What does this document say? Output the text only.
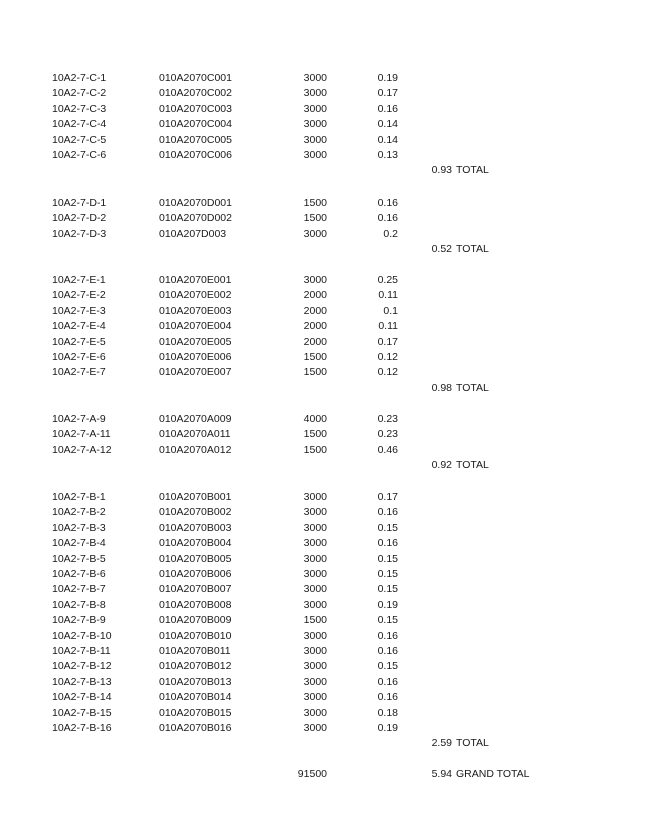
10A2-7-C-1	010A2070C001	3000	0.19
10A2-7-C-2	010A2070C002	3000	0.17
10A2-7-C-3	010A2070C003	3000	0.16
10A2-7-C-4	010A2070C004	3000	0.14
10A2-7-C-5	010A2070C005	3000	0.14
10A2-7-C-6	010A2070C006	3000	0.13
0.93 TOTAL
10A2-7-D-1	010A2070D001	1500	0.16
10A2-7-D-2	010A2070D002	1500	0.16
10A2-7-D-3	010A207D003	3000	0.2
0.52 TOTAL
10A2-7-E-1	010A2070E001	3000	0.25
10A2-7-E-2	010A2070E002	2000	0.11
10A2-7-E-3	010A2070E003	2000	0.1
10A2-7-E-4	010A2070E004	2000	0.11
10A2-7-E-5	010A2070E005	2000	0.17
10A2-7-E-6	010A2070E006	1500	0.12
10A2-7-E-7	010A2070E007	1500	0.12
0.98 TOTAL
10A2-7-A-9	010A2070A009	4000	0.23
10A2-7-A-11	010A2070A011	1500	0.23
10A2-7-A-12	010A2070A012	1500	0.46
0.92 TOTAL
10A2-7-B-1	010A2070B001	3000	0.17
10A2-7-B-2	010A2070B002	3000	0.16
10A2-7-B-3	010A2070B003	3000	0.15
10A2-7-B-4	010A2070B004	3000	0.16
10A2-7-B-5	010A2070B005	3000	0.15
10A2-7-B-6	010A2070B006	3000	0.15
10A2-7-B-7	010A2070B007	3000	0.15
10A2-7-B-8	010A2070B008	3000	0.19
10A2-7-B-9	010A2070B009	1500	0.15
10A2-7-B-10	010A2070B010	3000	0.16
10A2-7-B-11	010A2070B011	3000	0.16
10A2-7-B-12	010A2070B012	3000	0.15
10A2-7-B-13	010A2070B013	3000	0.16
10A2-7-B-14	010A2070B014	3000	0.16
10A2-7-B-15	010A2070B015	3000	0.18
10A2-7-B-16	010A2070B016	3000	0.19
2.59 TOTAL
91500	5.94 GRAND TOTAL
